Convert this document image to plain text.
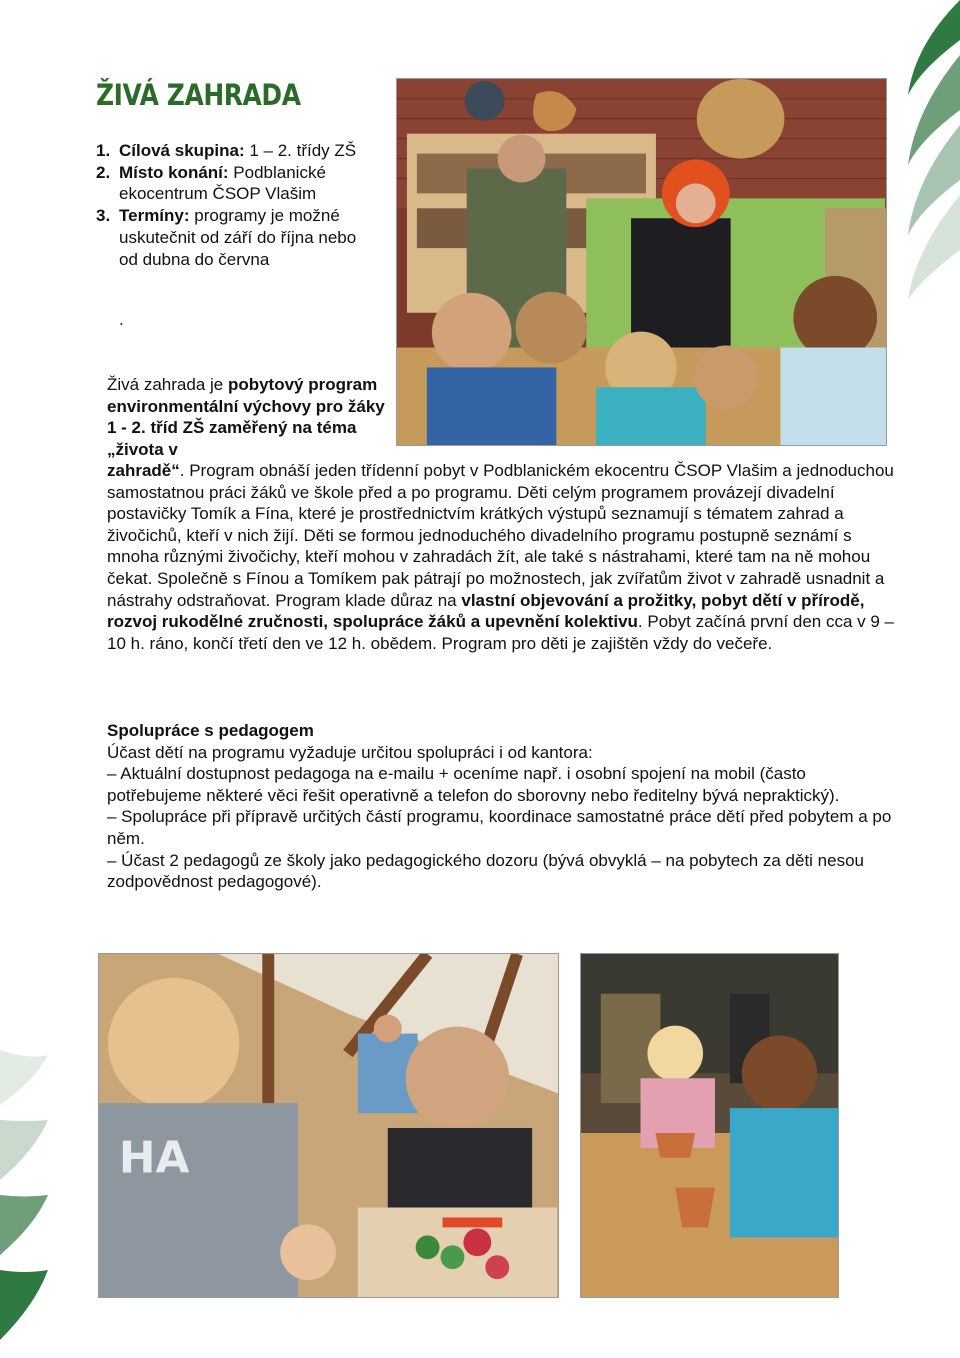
ŽIVÁ ZAHRADA
1. Cílová skupina: 1 – 2. třídy ZŠ
2. Místo konání: Podblanické ekocentrum ČSOP Vlašim
3. Termíny: programy je možné uskutečnit od září do října nebo od dubna do června
.
Živá zahrada je pobytový program environmentální výchovy pro žáky 1 - 2. tříd ZŠ zaměřený na téma „života v
zahradě“. Program obnáší jeden třídenní pobyt v Podblanickém ekocentru ČSOP Vlašim a jednoduchou samostatnou práci žáků ve škole před a po programu. Děti celým programem provázejí divadelní postavičky Tomík a Fína, které je prostřednictvím krátkých výstupů seznamují s tématem zahrad a živočichů, kteří v nich žijí. Děti se formou jednoduchého divadelního programu postupně seznámí s mnoha různými živočichy, kteří mohou v zahradách žít, ale také s nástrahami, které tam na ně mohou čekat. Společně s Fínou a Tomíkem pak pátrají po možnostech, jak zvířatům život v zahradě usnadnit a nástrahy odstraňovat. Program klade důraz na vlastní objevování a prožitky, pobyt dětí v přírodě, rozvoj rukodělné zručnosti, spolupráce žáků a upevnění kolektivu. Pobyt začíná první den cca v 9 – 10 h. ráno, končí třetí den ve 12 h. obědem. Program pro děti je zajištěn vždy do večeře.

Spolupráce s pedagogem

Účast dětí na programu vyžaduje určitou spolupráci i od kantora:

– Aktuální dostupnost pedagoga na e-mailu + oceníme např. i osobní spojení na mobil (často potřebujeme některé věci řešit operativně a telefon do sborovny nebo ředitelny bývá nepraktický).

– Spolupráce při přípravě určitých částí programu, koordinace samostatné práce dětí před pobytem a po něm.

– Účast 2 pedagogů ze školy jako pedagogického dozoru (bývá obvyklá – na pobytech za děti nesou zodpovědnost pedagogové).

HA
